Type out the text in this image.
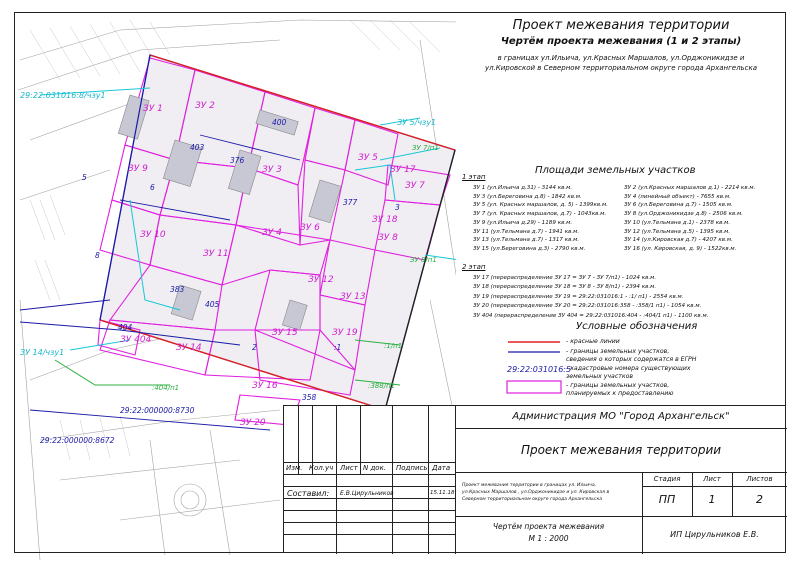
ЗУ 1	ЗУ 2
ЗУ 3
ЗУ 4
ЗУ 5
ЗУ 6
ЗУ 17
ЗУ 8
ЗУ 9
ЗУ 10
ЗУ 11
ЗУ 12
ЗУ 13
ЗУ 14
ЗУ 15
ЗУ 16
ЗУ 18
ЗУ 19
ЗУ 20
ЗУ 404
ЗУ 7
29:22:031016:8/чзу1
ЗУ 5/чзу1
ЗУ 7/п1
ЗУ 8/п1
ЗУ 14/чзу1
29:22:000000:8730
29:22:000000:8672
:404/п1	:388/п1
:1/п1
400
403
376
377
383
405
404
358
2	:1
8
5
6
3
Проект межевания территории
Чертём проекта межевания (1 и 2 этапы)
в границах ул.Ильича, ул.Красных Маршалов, ул.Орджоникидзе и
ул.Кировской в Северном территориальном округе города Архангельска
Площади земельных участков
1 этап
ЗУ 1 (ул.Ильича д.31) - 3144 кв.м.
ЗУ 3 (ул.Береговина д.8) - 1842 кв.м.
ЗУ 5 (ул. Красных маршалов, д. 5) - 1399кв.м.
ЗУ 7 (ул. Красных маршалов, д.7) - 1043кв.м.
ЗУ 9 (ул.Ильича д.29) - 1189 кв.м.
ЗУ 11 (ул.Тельмана д.7) - 1941 кв.м.
ЗУ 13 (ул.Тельмана д.7) - 1317 кв.м.
ЗУ 15 (ул.Береговина д.3) - 2790 кв.м.
ЗУ 2 (ул.Красных маршалов д.1) - 2214 кв.м.
ЗУ 4 (линейный объект) - 7655 кв.м.
ЗУ 6 (ул.Береговина д.7) - 1505 кв.м.
ЗУ 8 (ул.Орджоникидзе д.8) - 2506 кв.м.
ЗУ 10 (ул.Тельмана д.1) - 2378 кв.м.
ЗУ 12 (ул.Тельмана д.5) - 1395 кв.м.
ЗУ 14 (ул.Кировская д.7) - 4207 кв.м.
ЗУ 16 (ул. Кировская, д. 9) - 1522кв.м.
2 этап
ЗУ 17 (перераспределение ЗУ 17 = ЗУ 7 - ЗУ 7/п1) - 1024 кв.м.
ЗУ 18 (перераспределение ЗУ 18 = ЗУ 8 - ЗУ 8/п1) - 2394 кв.м.
ЗУ 19 (перераспределение ЗУ 19 = 29:22:031016:1 - :1/ п1) - 2554 кв.м.
ЗУ 20 (перераспределение ЗУ 20 = 29:22:031016:358 - :358/1 п1) - 1054 кв.м.
ЗУ 404 (перераспределение ЗУ 404 = 29:22:031016:404 - :404/1 п1) - 1100 кв.м.
Условные обозначения
- красные линии
- границы земельных участков,
сведения о которых содержатся в ЕГРН
29:22:031016:5
- кадастровые номера существующих
земельных участков
- границы земельных участков,
планируемых к предоставлению
Изм. Кол.уч Лист N док. Подпись Дата
Составил: Е.В.Цирульников	15.11.18
Администрация МО "Город Архангельск"
Проект межевания территории
Проект межевания территории в границах ул. Ильича,
ул.Красных Маршалов , ул.Орджоникидзе и ул. Кировская в
Северном территориальном округе города Архангельска
Стадия	Лист	Листов
ПП	1	2
Чертём проекта межевания
М 1 : 2000	ИП Цирульников Е.В.
